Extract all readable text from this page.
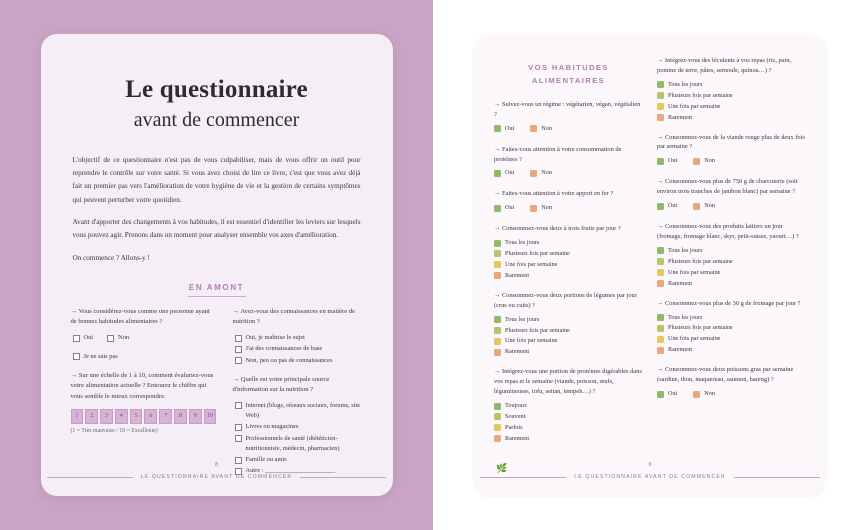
Le questionnaire
avant de commencer

L'objectif de ce questionnaire n'est pas de vous culpabiliser, mais de vous offrir un outil pour reprendre le contrôle sur votre santé. Si vous avez choisi de lire ce livre, c'est que vous avez déjà fait un premier pas vers l'amélioration de votre hygiène de vie et la gestion de certains symptômes qui peuvent perturber votre quotidien.

Avant d'apporter des changements à vos habitudes, il est essentiel d'identifier les leviers sur lesquels vous pouvez agir. Prenons dans un moment pour analyser ensemble vos axes d'amélioration.

On commence ? Allons-y !

EN AMONT

→ Vous considérez-vous comme une personne ayant de bonnes habitudes alimentaires ?

Oui	Non
Je ne sais pas

→ Sur une échelle de 1 à 10, comment évaluriez-vous votre alimentation actuelle ? Entourez le chiffre qui vous semble le mieux correspondre.

1	2	3	4	5	6	7	8	9	10
(1 = Très mauvaise / 10 = Excellente)

→ Avez-vous des connaissances en matière de nutrition ?

Oui, je maîtrise le sujet
J'ai des connaissances de base
Non, peu ou pas de connaissances

→ Quelle est votre principale source d'information sur la nutrition ?

Internet (blogs, réseaux sociaux, forums, site Web)
Livres ou magazines
Professionnels de santé (diététicien-nutritionniste, médecin, pharmacien)
Famille ou amis
Autre : ______________________
8
LE QUESTIONNAIRE AVANT DE COMMENCER
VOS HABITUDES
ALIMENTAIRES

→ Suivez-vous un régime : végétarien, végan, végétalien ?

Oui	Non

→ Faites-vous attention à votre consommation de protéines ?

Oui	Non

→ Faites-vous attention à votre apport en fer ?

Oui	Non

→ Consommez-vous deux à trois fruits par jour ?

Tous les jours
Plusieurs fois par semaine
Une fois par semaine
Rarement

→ Consommez-vous deux portions de légumes par jour (crus ou cuits) ?

Tous les jours
Plusieurs fois par semaine
Une fois par semaine
Rarement

→ Intégrez-vous une portion de protéines digérables dans vos repas et le semaine (viande, poisson, œufs, légumineuses, tofu, seitan, tempeh…) ?

Toujours
Souvent
Parfois
Rarement

→ Intégrez-vous des féculents à vos repas (riz, pain, pomme de terre, pâtes, semoule, quinoa…) ?

Tous les jours
Plusieurs fois par semaine
Une fois par semaine
Rarement

→ Consommez-vous de la viande rouge plus de deux fois par semaine ?

Oui	Non

→ Consommez-vous plus de 750 g de charcuterie (soit environ trois tranches de jambon blanc) par semaine ?

Oui	Non

→ Consommez-vous des produits laitiers un jour (fromage, fromage blanc, skyr, petit-suisse, yaourt…) ?

Tous les jours
Plusieurs fois par semaine
Une fois par semaine
Rarement

→ Consommez-vous plus de 30 g de fromage par jour ?

Tous les jours
Plusieurs fois par semaine
Une fois par semaine
Rarement

→ Consommez-vous deux poissons gras par semaine (sardine, thon, maquereau, saumon, hareng) ?

Oui	Non
🌿	9
LE QUESTIONNAIRE AVANT DE COMMENCER
